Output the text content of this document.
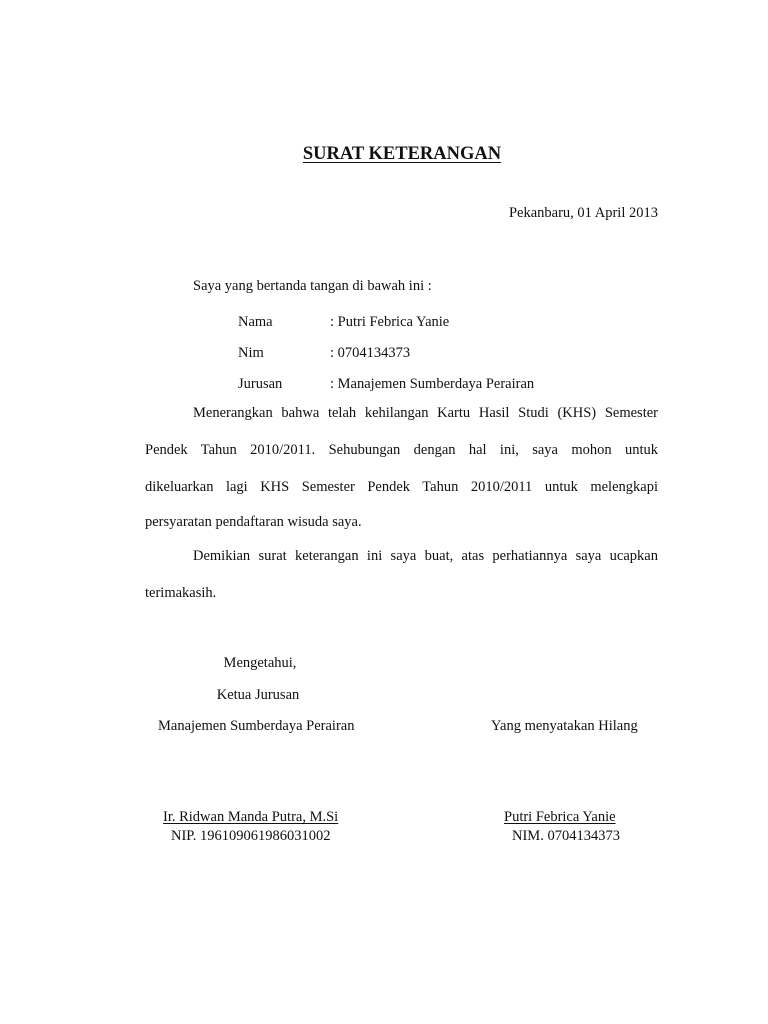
SURAT KETERANGAN

Pekanbaru, 01 April 2013

Saya yang bertanda tangan di bawah ini :

Nama	: Putri Febrica Yanie
Nim	: 0704134373
Jurusan	: Manajemen Sumberdaya Perairan

Menerangkan bahwa telah kehilangan Kartu Hasil Studi (KHS) Semester

Pendek Tahun 2010/2011. Sehubungan dengan hal ini, saya mohon untuk

dikeluarkan lagi KHS Semester Pendek Tahun 2010/2011 untuk melengkapi

persyaratan pendaftaran wisuda saya.

Demikian surat keterangan ini saya buat, atas perhatiannya saya ucapkan

terimakasih.

Mengetahui,

Ketua Jurusan

Manajemen Sumberdaya Perairan

Ir. Ridwan Manda Putra, M.Si

NIP. 196109061986031002

Yang menyatakan Hilang

Putri Febrica Yanie

NIM. 0704134373
